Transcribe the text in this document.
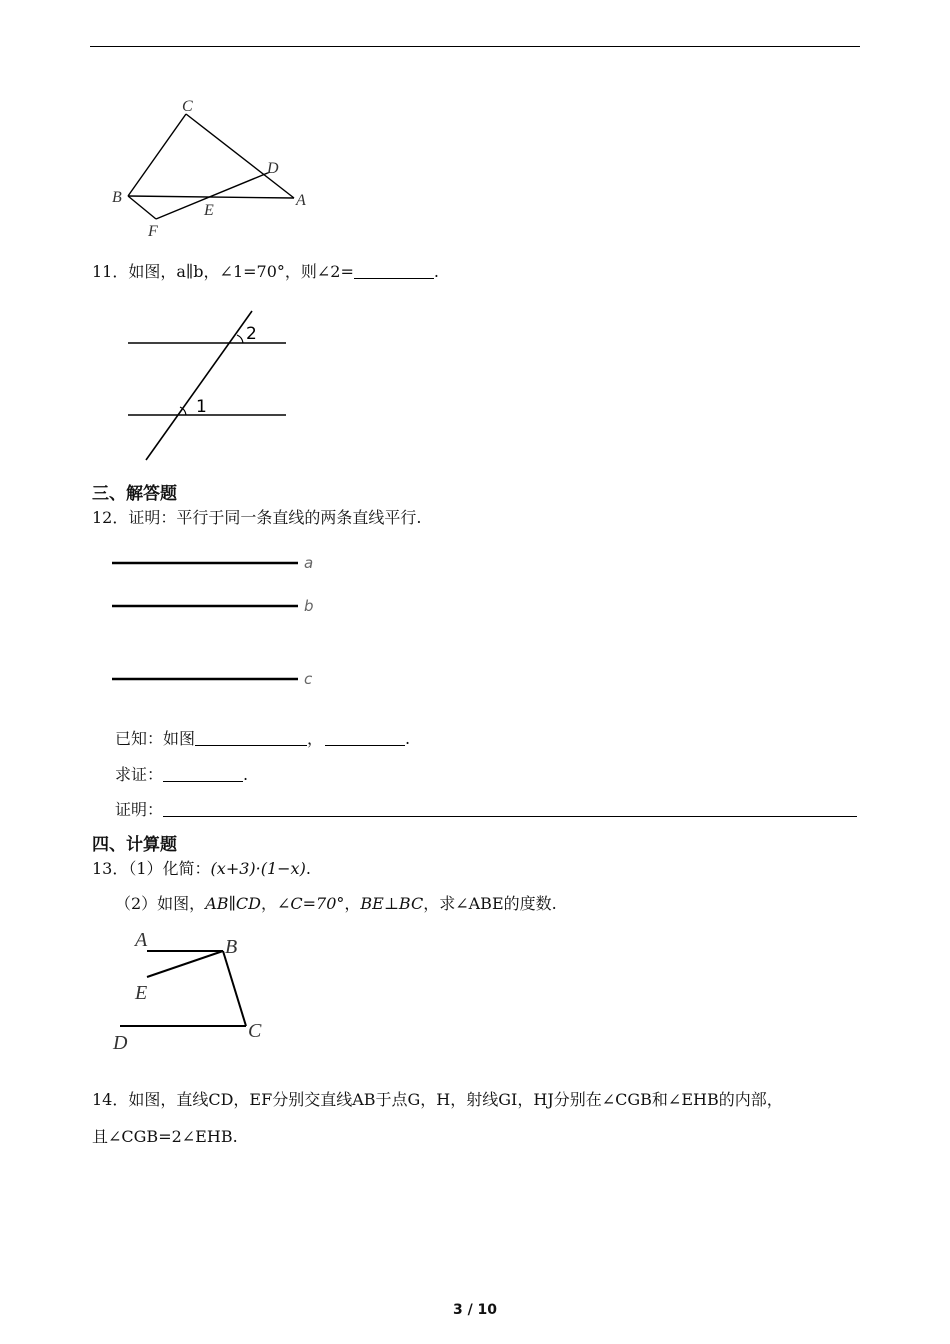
C
D
B
E
A
F
11．如图，a∥b，∠1=70°，则∠2=	.
2
1
三、解答题
12．证明：平行于同一条直线的两条直线平行.
a
b
c
已知：如图	，	.
求证：	.
证明：
四、计算题
13．（1）化简：(x+3)·(1−x).
（2）如图，AB∥CD，∠C=70°，BE⊥BC，求∠ABE的度数.
A	B
E
C
D
14．如图，直线CD，EF分别交直线AB于点G，H，射线GI，HJ分别在∠CGB和∠EHB的内部，
且∠CGB=2∠EHB.
3 / 10
